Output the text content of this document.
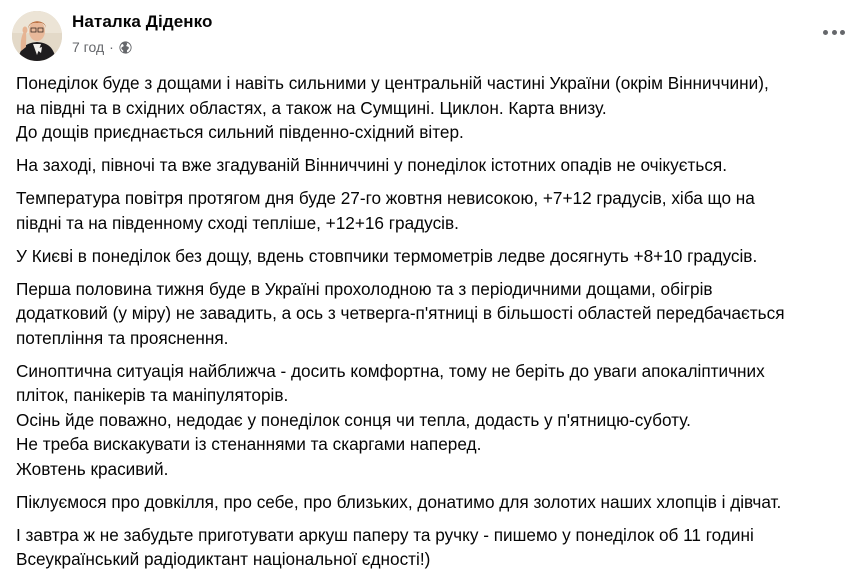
Наталка Діденко
7 год ·
Понеділок буде з дощами і навіть сильними у центральній частині України (окрім Вінниччини),
на півдні та в східних областях, а також на Сумщині. Циклон. Карта внизу.
До дощів приєднається сильний південно-східний вітер.
На заході, півночі та вже згадуваній Вінниччині у понеділок істотних опадів не очікується.
Температура повітря протягом дня буде 27-го жовтня невисокою, +7+12 градусів, хіба що на
півдні та на південному сході тепліше, +12+16 градусів.
У Києві в понеділок без дощу, вдень стовпчики термометрів ледве досягнуть +8+10 градусів.
Перша половина тижня буде в Україні прохолодною та з періодичними дощами, обігрів
додатковий (у міру) не завадить, а ось з четверга-п'ятниці в більшості областей передбачається
потепління та прояснення.
Синоптична ситуація найближча - досить комфортна, тому не беріть до уваги апокаліптичних
пліток, панікерів та маніпуляторів.
Осінь йде поважно, недодає у понеділок сонця чи тепла, додасть у п'ятницю-суботу.
Не треба вискакувати із стенаннями та скаргами наперед.
Жовтень красивий.
Піклуємося про довкілля, про себе, про близьких, донатимо для золотих наших хлопців і дівчат.
І завтра ж не забудьте приготувати аркуш паперу та ручку - пишемо у понеділок об 11 годині
Всеукраїнський радіодиктант національної єдності!)
